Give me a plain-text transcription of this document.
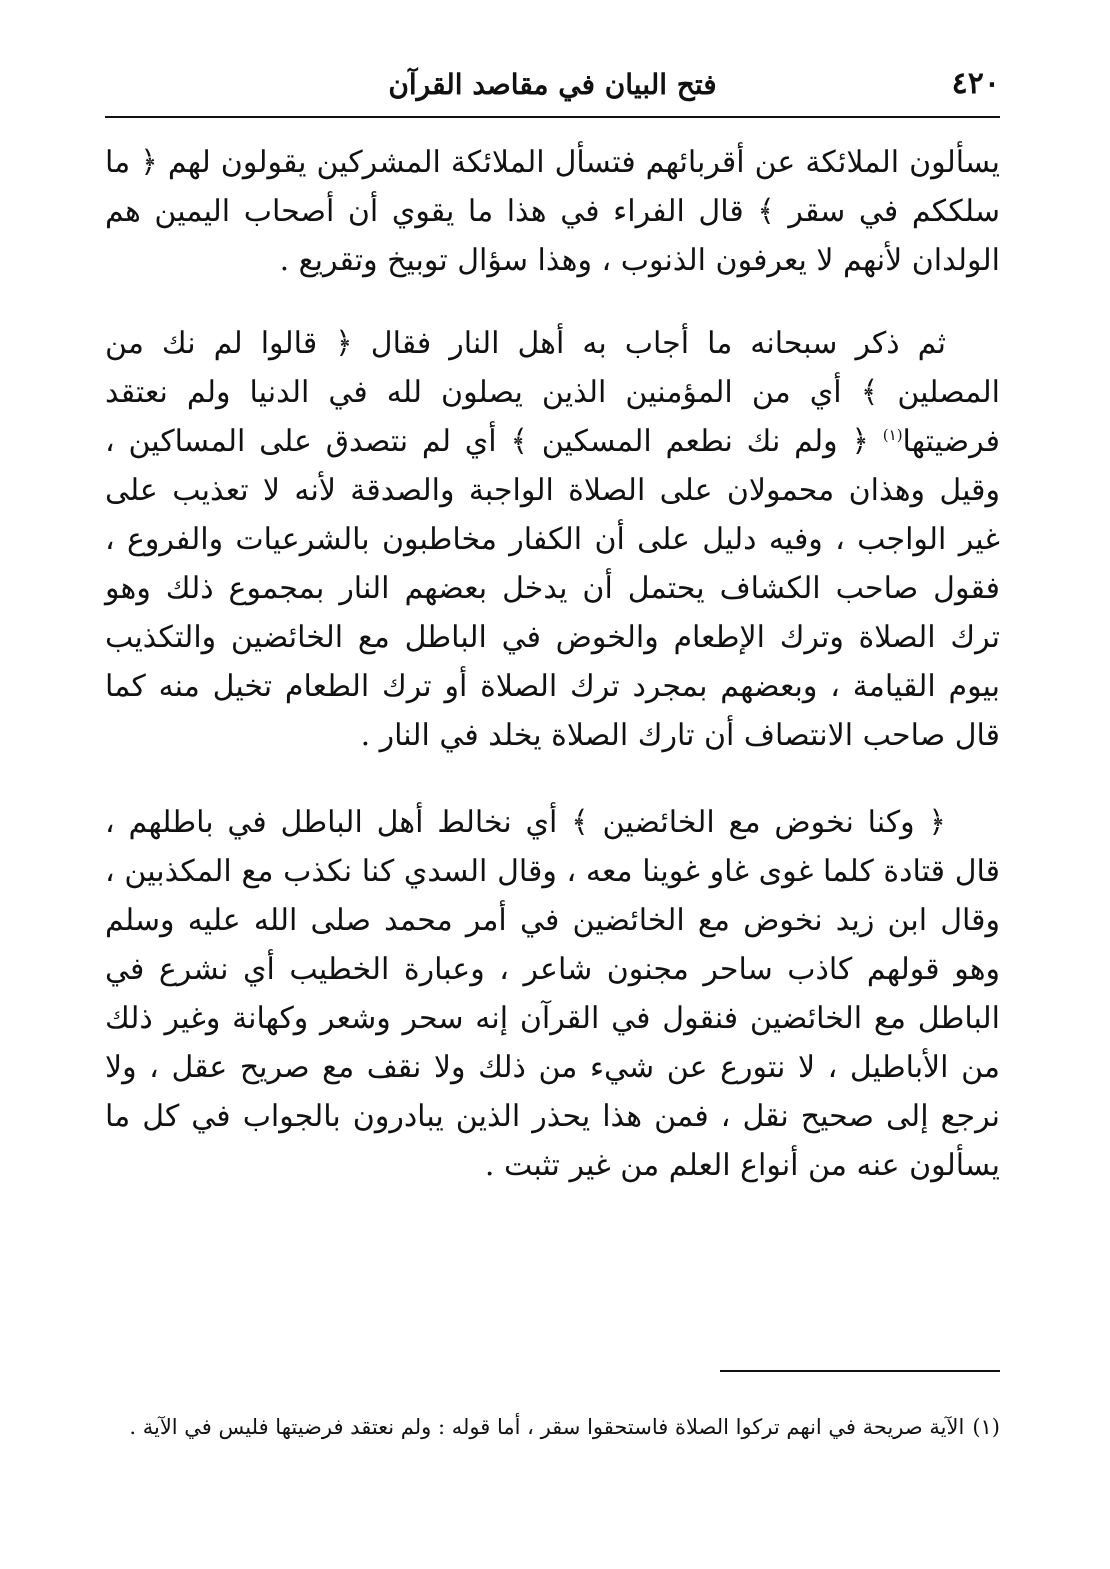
٤٢٠
فتح البيان في مقاصد القرآن

يسألون الملائكة عن أقربائهم فتسأل الملائكة المشركين يقولون لهم ﴿ ما سلككم في سقر ﴾ قال الفراء في هذا ما يقوي أن أصحاب اليمين هم الولدان لأنهم لا يعرفون الذنوب ، وهذا سؤال توبيخ وتقريع .

ثم ذكر سبحانه ما أجاب به أهل النار فقال ﴿ قالوا لم نك من المصلين ﴾ أي من المؤمنين الذين يصلون لله في الدنيا ولم نعتقد فرضيتها$^{(١)}$ ﴿ ولم نك نطعم المسكين ﴾ أي لم نتصدق على المساكين ، وقيل وهذان محمولان على الصلاة الواجبة والصدقة لأنه لا تعذيب على غير الواجب ، وفيه دليل على أن الكفار مخاطبون بالشرعيات والفروع ، فقول صاحب الكشاف يحتمل أن يدخل بعضهم النار بمجموع ذلك وهو ترك الصلاة وترك الإطعام والخوض في الباطل مع الخائضين والتكذيب بيوم القيامة ، وبعضهم بمجرد ترك الصلاة أو ترك الطعام تخيل منه كما قال صاحب الانتصاف أن تارك الصلاة يخلد في النار .

﴿ وكنا نخوض مع الخائضين ﴾ أي نخالط أهل الباطل في باطلهم ، قال قتادة كلما غوى غاو غوينا معه ، وقال السدي كنا نكذب مع المكذبين ، وقال ابن زيد نخوض مع الخائضين في أمر محمد صلى الله عليه وسلم وهو قولهم كاذب ساحر مجنون شاعر ، وعبارة الخطيب أي نشرع في الباطل مع الخائضين فنقول في القرآن إنه سحر وشعر وكهانة وغير ذلك من الأباطيل ، لا نتورع عن شيء من ذلك ولا نقف مع صريح عقل ، ولا نرجع إلى صحيح نقل ، فمن هذا يحذر الذين يبادرون بالجواب في كل ما يسألون عنه من أنواع العلم من غير تثبت .

(١)الآية صريحة في انهم تركوا الصلاة فاستحقوا سقر ، أما قوله : ولم نعتقد فرضيتها فليس في الآية .
